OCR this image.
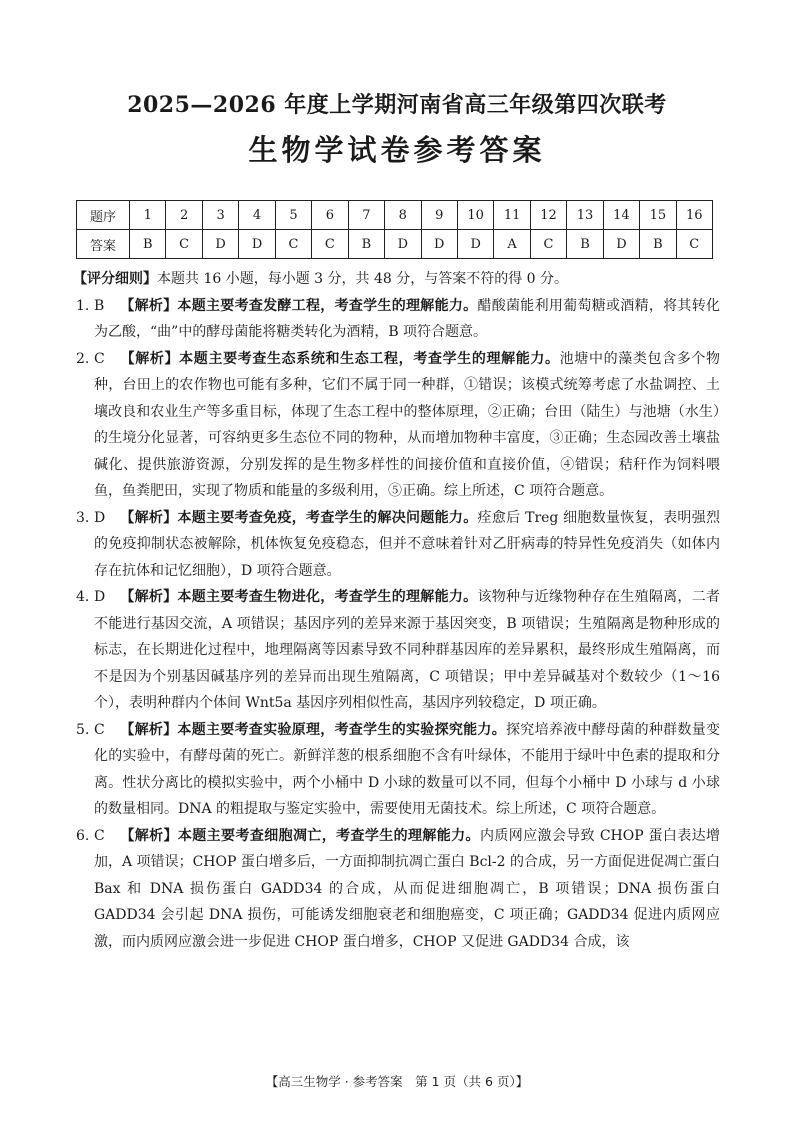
2025—2026 年度上学期河南省高三年级第四次联考
生物学试卷参考答案
题序	1	2	3	4	5	6	7	8	9	10	11	12	13	14	15	16
答案	B	C	D	D	C	C	B	D	D	D	A	C	B	D	B	C

【评分细则】本题共 16 小题，每小题 3 分，共 48 分，与答案不符的得 0 分。

1. B 【解析】本题主要考查发酵工程，考查学生的理解能力。醋酸菌能利用葡萄糖或酒精，将其转化为乙酸，“曲”中的酵母菌能将糖类转化为酒精，B 项符合题意。

2. C 【解析】本题主要考查生态系统和生态工程，考查学生的理解能力。池塘中的藻类包含多个物种，台田上的农作物也可能有多种，它们不属于同一种群，①错误；该模式统筹考虑了水盐调控、土壤改良和农业生产等多重目标，体现了生态工程中的整体原理，②正确；台田（陆生）与池塘（水生）的生境分化显著，可容纳更多生态位不同的物种，从而增加物种丰富度，③正确；生态园改善土壤盐碱化、提供旅游资源，分别发挥的是生物多样性的间接价值和直接价值，④错误；秸秆作为饲料喂鱼，鱼粪肥田，实现了物质和能量的多级利用，⑤正确。综上所述，C 项符合题意。

3. D 【解析】本题主要考查免疫，考查学生的解决问题能力。痊愈后 Treg 细胞数量恢复，表明强烈的免疫抑制状态被解除，机体恢复免疫稳态，但并不意味着针对乙肝病毒的特异性免疫消失（如体内存在抗体和记忆细胞），D 项符合题意。

4. D 【解析】本题主要考查生物进化，考查学生的理解能力。该物种与近缘物种存在生殖隔离，二者不能进行基因交流，A 项错误；基因序列的差异来源于基因突变，B 项错误；生殖隔离是物种形成的标志，在长期进化过程中，地理隔离等因素导致不同种群基因库的差异累积，最终形成生殖隔离，而不是因为个别基因碱基序列的差异而出现生殖隔离，C 项错误；甲中差异碱基对个数较少（1～16 个），表明种群内个体间 Wnt5a 基因序列相似性高，基因序列较稳定，D 项正确。

5. C 【解析】本题主要考查实验原理，考查学生的实验探究能力。探究培养液中酵母菌的种群数量变化的实验中，有酵母菌的死亡。新鲜洋葱的根系细胞不含有叶绿体，不能用于绿叶中色素的提取和分离。性状分离比的模拟实验中，两个小桶中 D 小球的数量可以不同，但每个小桶中 D 小球与 d 小球的数量相同。DNA 的粗提取与鉴定实验中，需要使用无菌技术。综上所述，C 项符合题意。

6. C 【解析】本题主要考查细胞凋亡，考查学生的理解能力。内质网应激会导致 CHOP 蛋白表达增加，A 项错误；CHOP 蛋白增多后，一方面抑制抗凋亡蛋白 Bcl-2 的合成，另一方面促进促凋亡蛋白 Bax 和 DNA 损伤蛋白 GADD34 的合成，从而促进细胞凋亡，B 项错误；DNA 损伤蛋白 GADD34 会引起 DNA 损伤，可能诱发细胞衰老和细胞癌变，C 项正确；GADD34 促进内质网应激，而内质网应激会进一步促进 CHOP 蛋白增多，CHOP 又促进 GADD34 合成，该

【高三生物学 · 参考答案　第 1 页（共 6 页）】
